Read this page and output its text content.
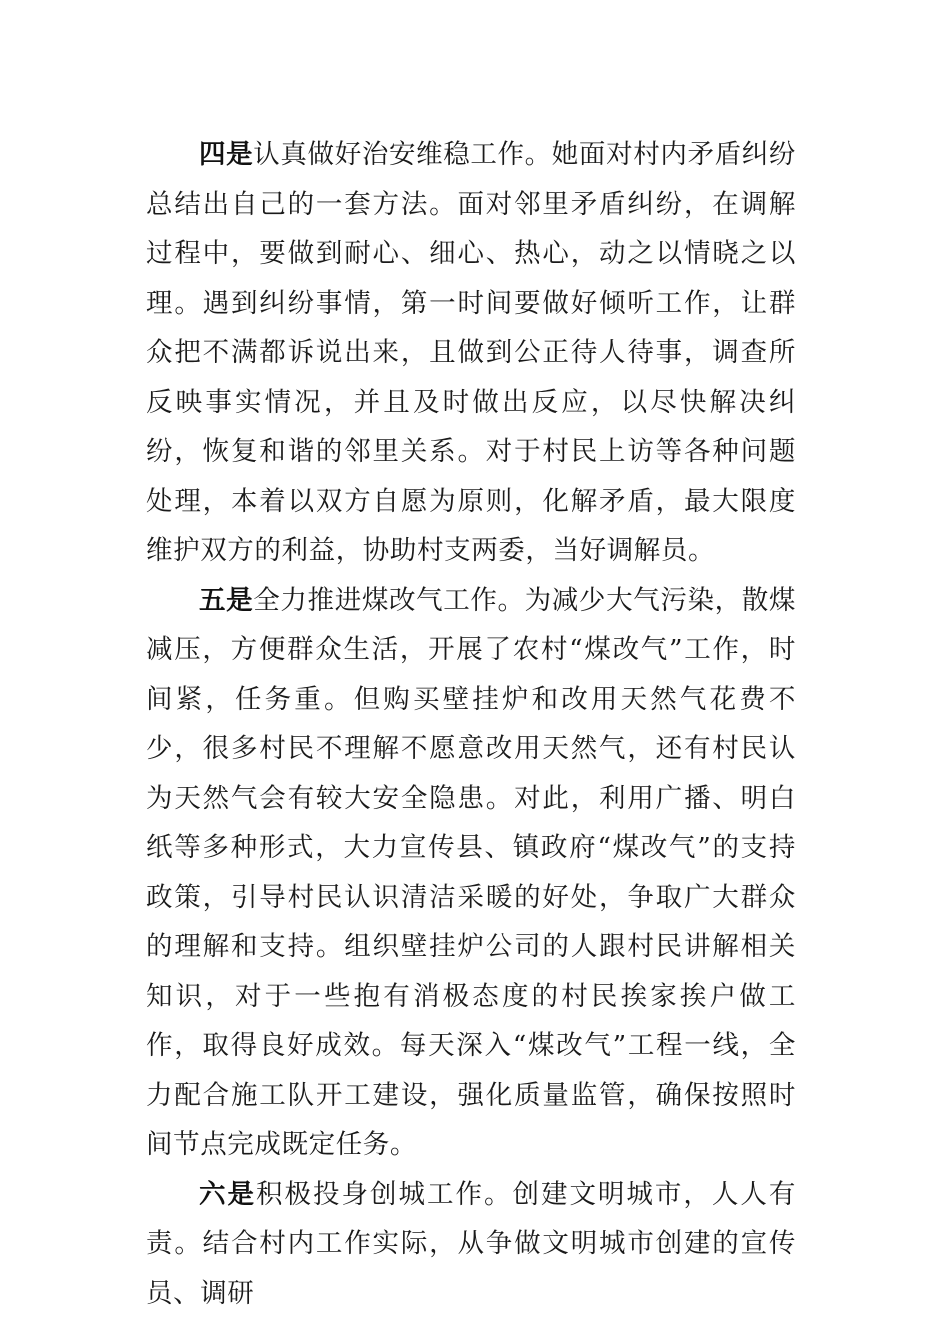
四是认真做好治安维稳工作。她面对村内矛盾纠纷总结出自己的一套方法。面对邻里矛盾纠纷，在调解过程中，要做到耐心、细心、热心，动之以情晓之以理。遇到纠纷事情，第一时间要做好倾听工作，让群众把不满都诉说出来，且做到公正待人待事，调查所反映事实情况，并且及时做出反应，以尽快解决纠纷，恢复和谐的邻里关系。对于村民上访等各种问题处理，本着以双方自愿为原则，化解矛盾，最大限度维护双方的利益，协助村支两委，当好调解员。

五是全力推进煤改气工作。为减少大气污染，散煤减压，方便群众生活，开展了农村“煤改气”工作，时间紧，任务重。但购买壁挂炉和改用天然气花费不少，很多村民不理解不愿意改用天然气，还有村民认为天然气会有较大安全隐患。对此，利用广播、明白纸等多种形式，大力宣传县、镇政府“煤改气”的支持政策，引导村民认识清洁采暖的好处，争取广大群众的理解和支持。组织壁挂炉公司的人跟村民讲解相关知识，对于一些抱有消极态度的村民挨家挨户做工作，取得良好成效。每天深入“煤改气”工程一线，全力配合施工队开工建设，强化质量监管，确保按照时间节点完成既定任务。

六是积极投身创城工作。创建文明城市，人人有责。结合村内工作实际，从争做文明城市创建的宣传员、调研
